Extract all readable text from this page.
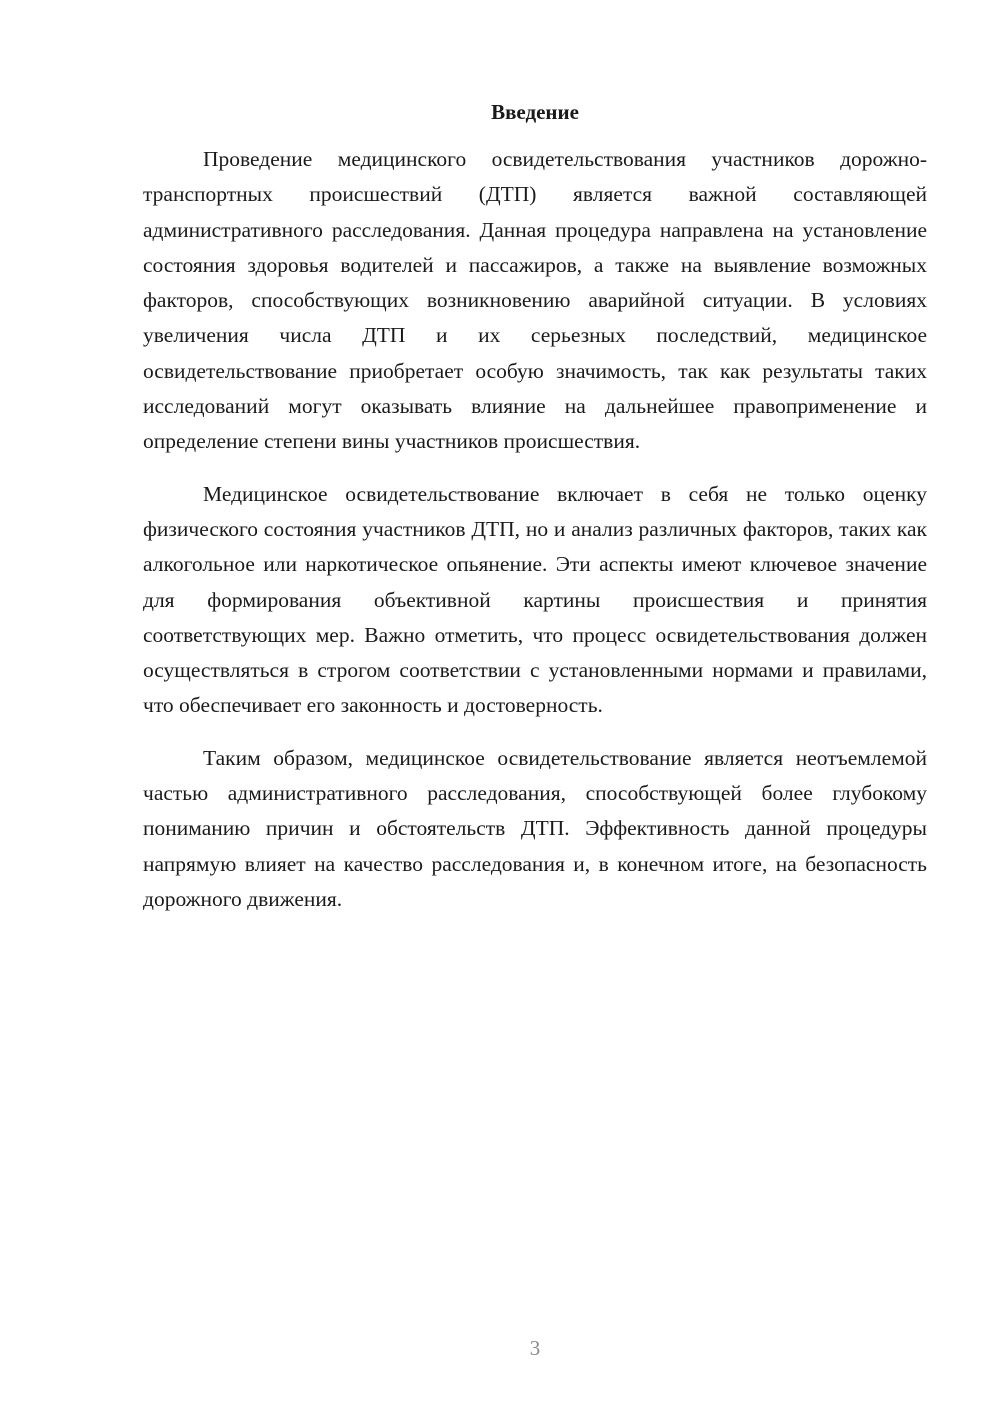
Введение

Проведение медицинского освидетельствования участников дорожно-транспортных происшествий (ДТП) является важной составляющей административного расследования. Данная процедура направлена на установление состояния здоровья водителей и пассажиров, а также на выявление возможных факторов, способствующих возникновению аварийной ситуации. В условиях увеличения числа ДТП и их серьезных последствий, медицинское освидетельствование приобретает особую значимость, так как результаты таких исследований могут оказывать влияние на дальнейшее правоприменение и определение степени вины участников происшествия.

Медицинское освидетельствование включает в себя не только оценку физического состояния участников ДТП, но и анализ различных факторов, таких как алкогольное или наркотическое опьянение. Эти аспекты имеют ключевое значение для формирования объективной картины происшествия и принятия соответствующих мер. Важно отметить, что процесс освидетельствования должен осуществляться в строгом соответствии с установленными нормами и правилами, что обеспечивает его законность и достоверность.

Таким образом, медицинское освидетельствование является неотъемлемой частью административного расследования, способствующей более глубокому пониманию причин и обстоятельств ДТП. Эффективность данной процедуры напрямую влияет на качество расследования и, в конечном итоге, на безопасность дорожного движения.

3
